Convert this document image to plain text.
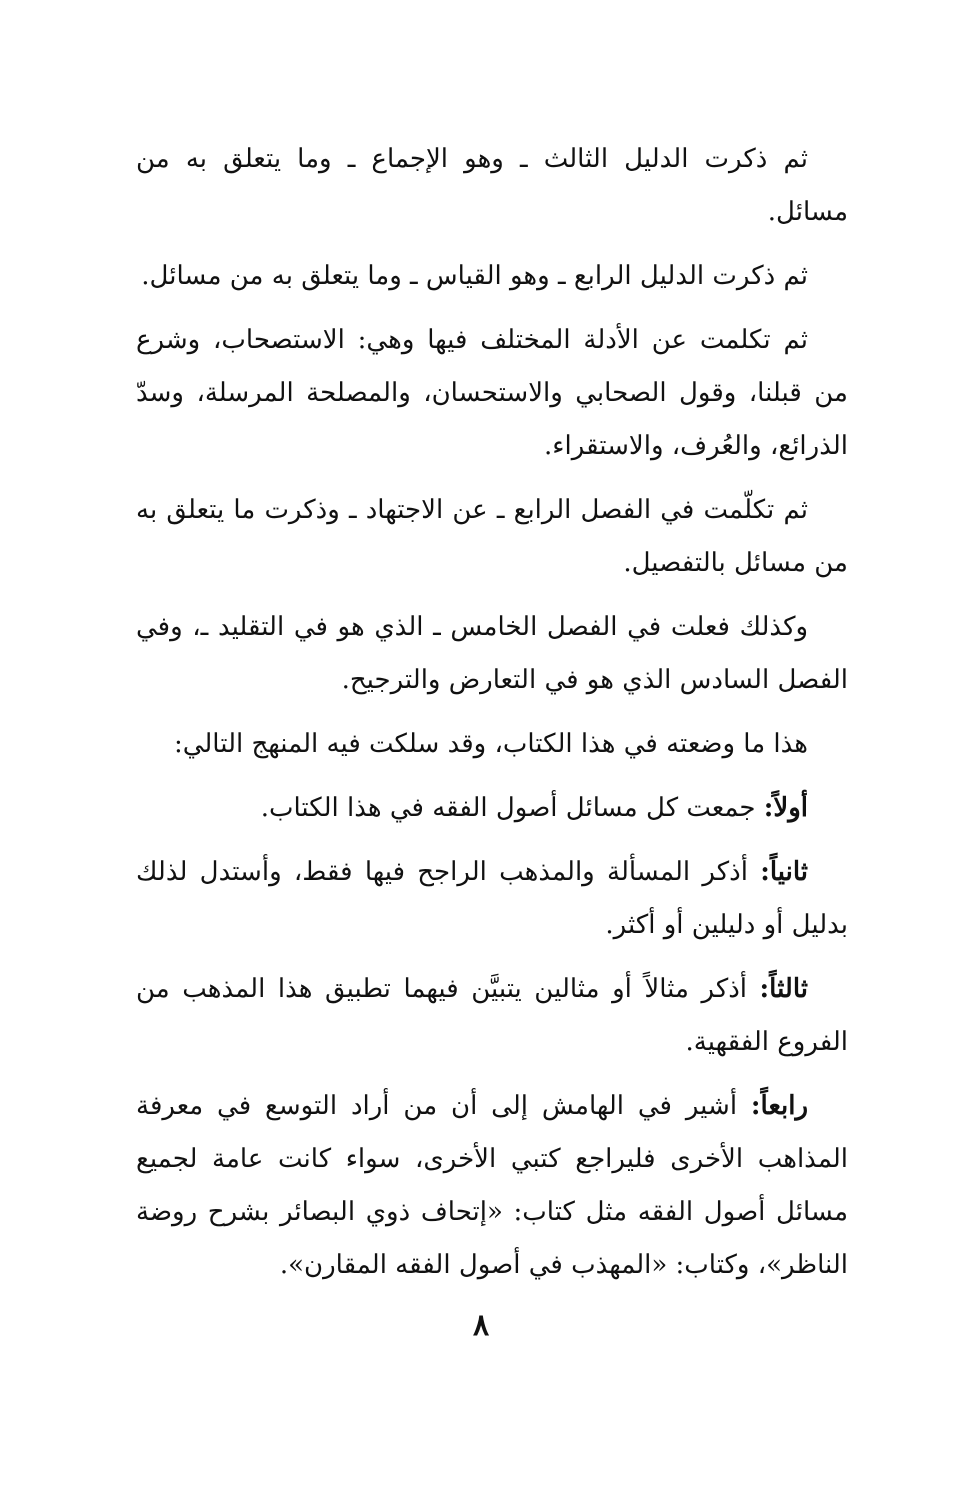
ثم ذكرت الدليل الثالث ـ وهو الإجماع ـ وما يتعلق به من مسائل.

ثم ذكرت الدليل الرابع ـ وهو القياس ـ وما يتعلق به من مسائل.

ثم تكلمت عن الأدلة المختلف فيها وهي: الاستصحاب، وشرع من قبلنا، وقول الصحابي والاستحسان، والمصلحة المرسلة، وسدّ الذرائع، والعُرف، والاستقراء.

ثم تكلّمت في الفصل الرابع ـ عن الاجتهاد ـ وذكرت ما يتعلق به من مسائل بالتفصيل.

وكذلك فعلت في الفصل الخامس ـ الذي هو في التقليد ـ، وفي الفصل السادس الذي هو في التعارض والترجيح.

هذا ما وضعته في هذا الكتاب، وقد سلكت فيه المنهج التالي:

أولاً: جمعت كل مسائل أصول الفقه في هذا الكتاب.

ثانياً: أذكر المسألة والمذهب الراجح فيها فقط، وأستدل لذلك بدليل أو دليلين أو أكثر.

ثالثاً: أذكر مثالاً أو مثالين يتبيَّن فيهما تطبيق هذا المذهب من الفروع الفقهية.

رابعاً: أشير في الهامش إلى أن من أراد التوسع في معرفة المذاهب الأخرى فليراجع كتبي الأخرى، سواء كانت عامة لجميع مسائل أصول الفقه مثل كتاب: «إتحاف ذوي البصائر بشرح روضة الناظر»، وكتاب: «المهذب في أصول الفقه المقارن».

٨
